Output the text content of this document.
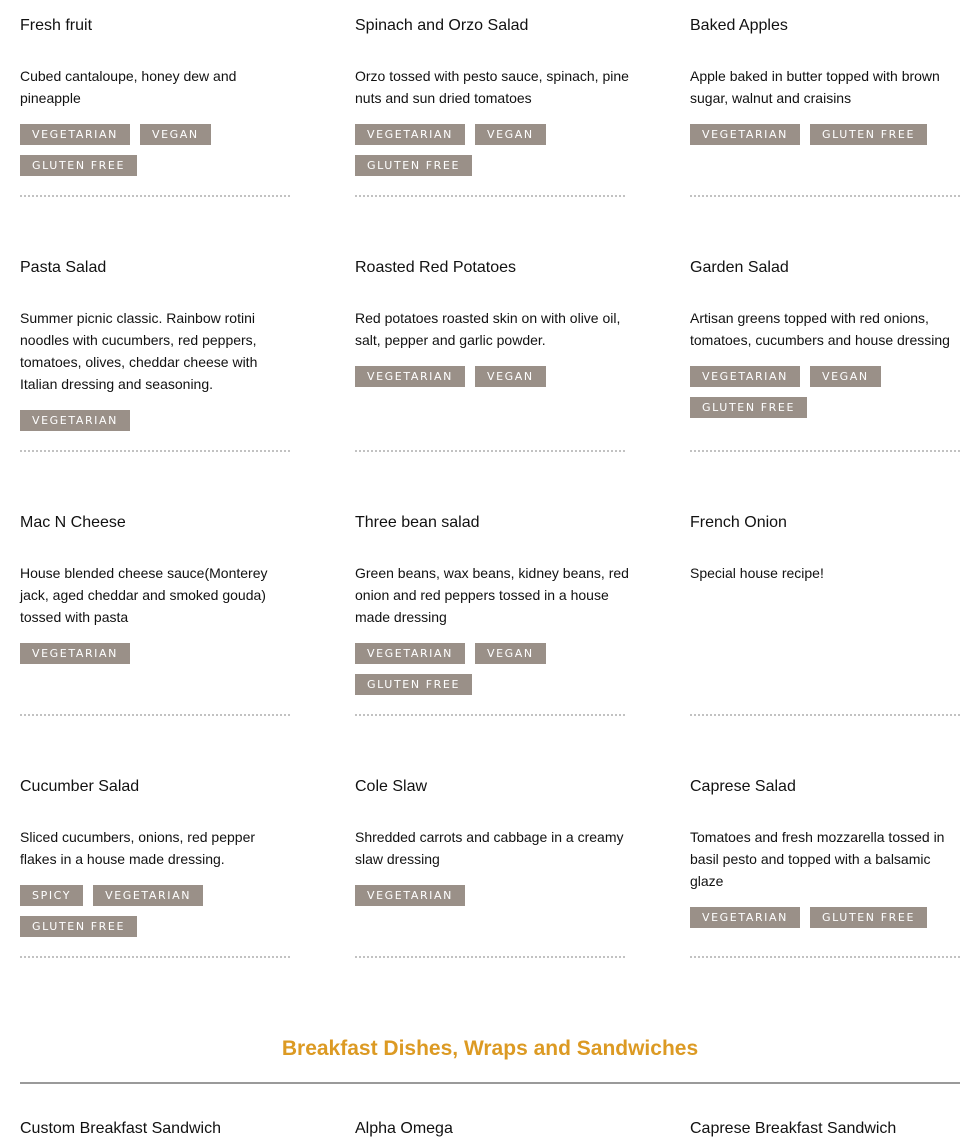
Fresh fruit
Cubed cantaloupe, honey dew and pineapple
VEGETARIAN	VEGAN
GLUTEN FREE
Spinach and Orzo Salad
Orzo tossed with pesto sauce, spinach, pine nuts and sun dried tomatoes
VEGETARIAN	VEGAN
GLUTEN FREE
Baked Apples
Apple baked in butter topped with brown sugar, walnut and craisins
VEGETARIAN	GLUTEN FREE
Pasta Salad
Summer picnic classic. Rainbow rotini noodles with cucumbers, red peppers, tomatoes, olives, cheddar cheese with Italian dressing and seasoning.
VEGETARIAN
Roasted Red Potatoes
Red potatoes roasted skin on with olive oil, salt, pepper and garlic powder.
VEGETARIAN	VEGAN
Garden Salad
Artisan greens topped with red onions, tomatoes, cucumbers and house dressing
VEGETARIAN	VEGAN
GLUTEN FREE
Mac N Cheese
House blended cheese sauce(Monterey jack, aged cheddar and smoked gouda) tossed with pasta
VEGETARIAN
Three bean salad
Green beans, wax beans, kidney beans, red onion and red peppers tossed in a house made dressing
VEGETARIAN	VEGAN
GLUTEN FREE
French Onion
Special house recipe!
Cucumber Salad
Sliced cucumbers, onions, red pepper flakes in a house made dressing.
SPICY	VEGETARIAN
GLUTEN FREE
Cole Slaw
Shredded carrots and cabbage in a creamy slaw dressing
VEGETARIAN
Caprese Salad
Tomatoes and fresh mozzarella tossed in basil pesto and topped with a balsamic glaze
VEGETARIAN	GLUTEN FREE
Breakfast Dishes, Wraps and Sandwiches
Custom Breakfast Sandwich	Alpha Omega	Caprese Breakfast Sandwich
